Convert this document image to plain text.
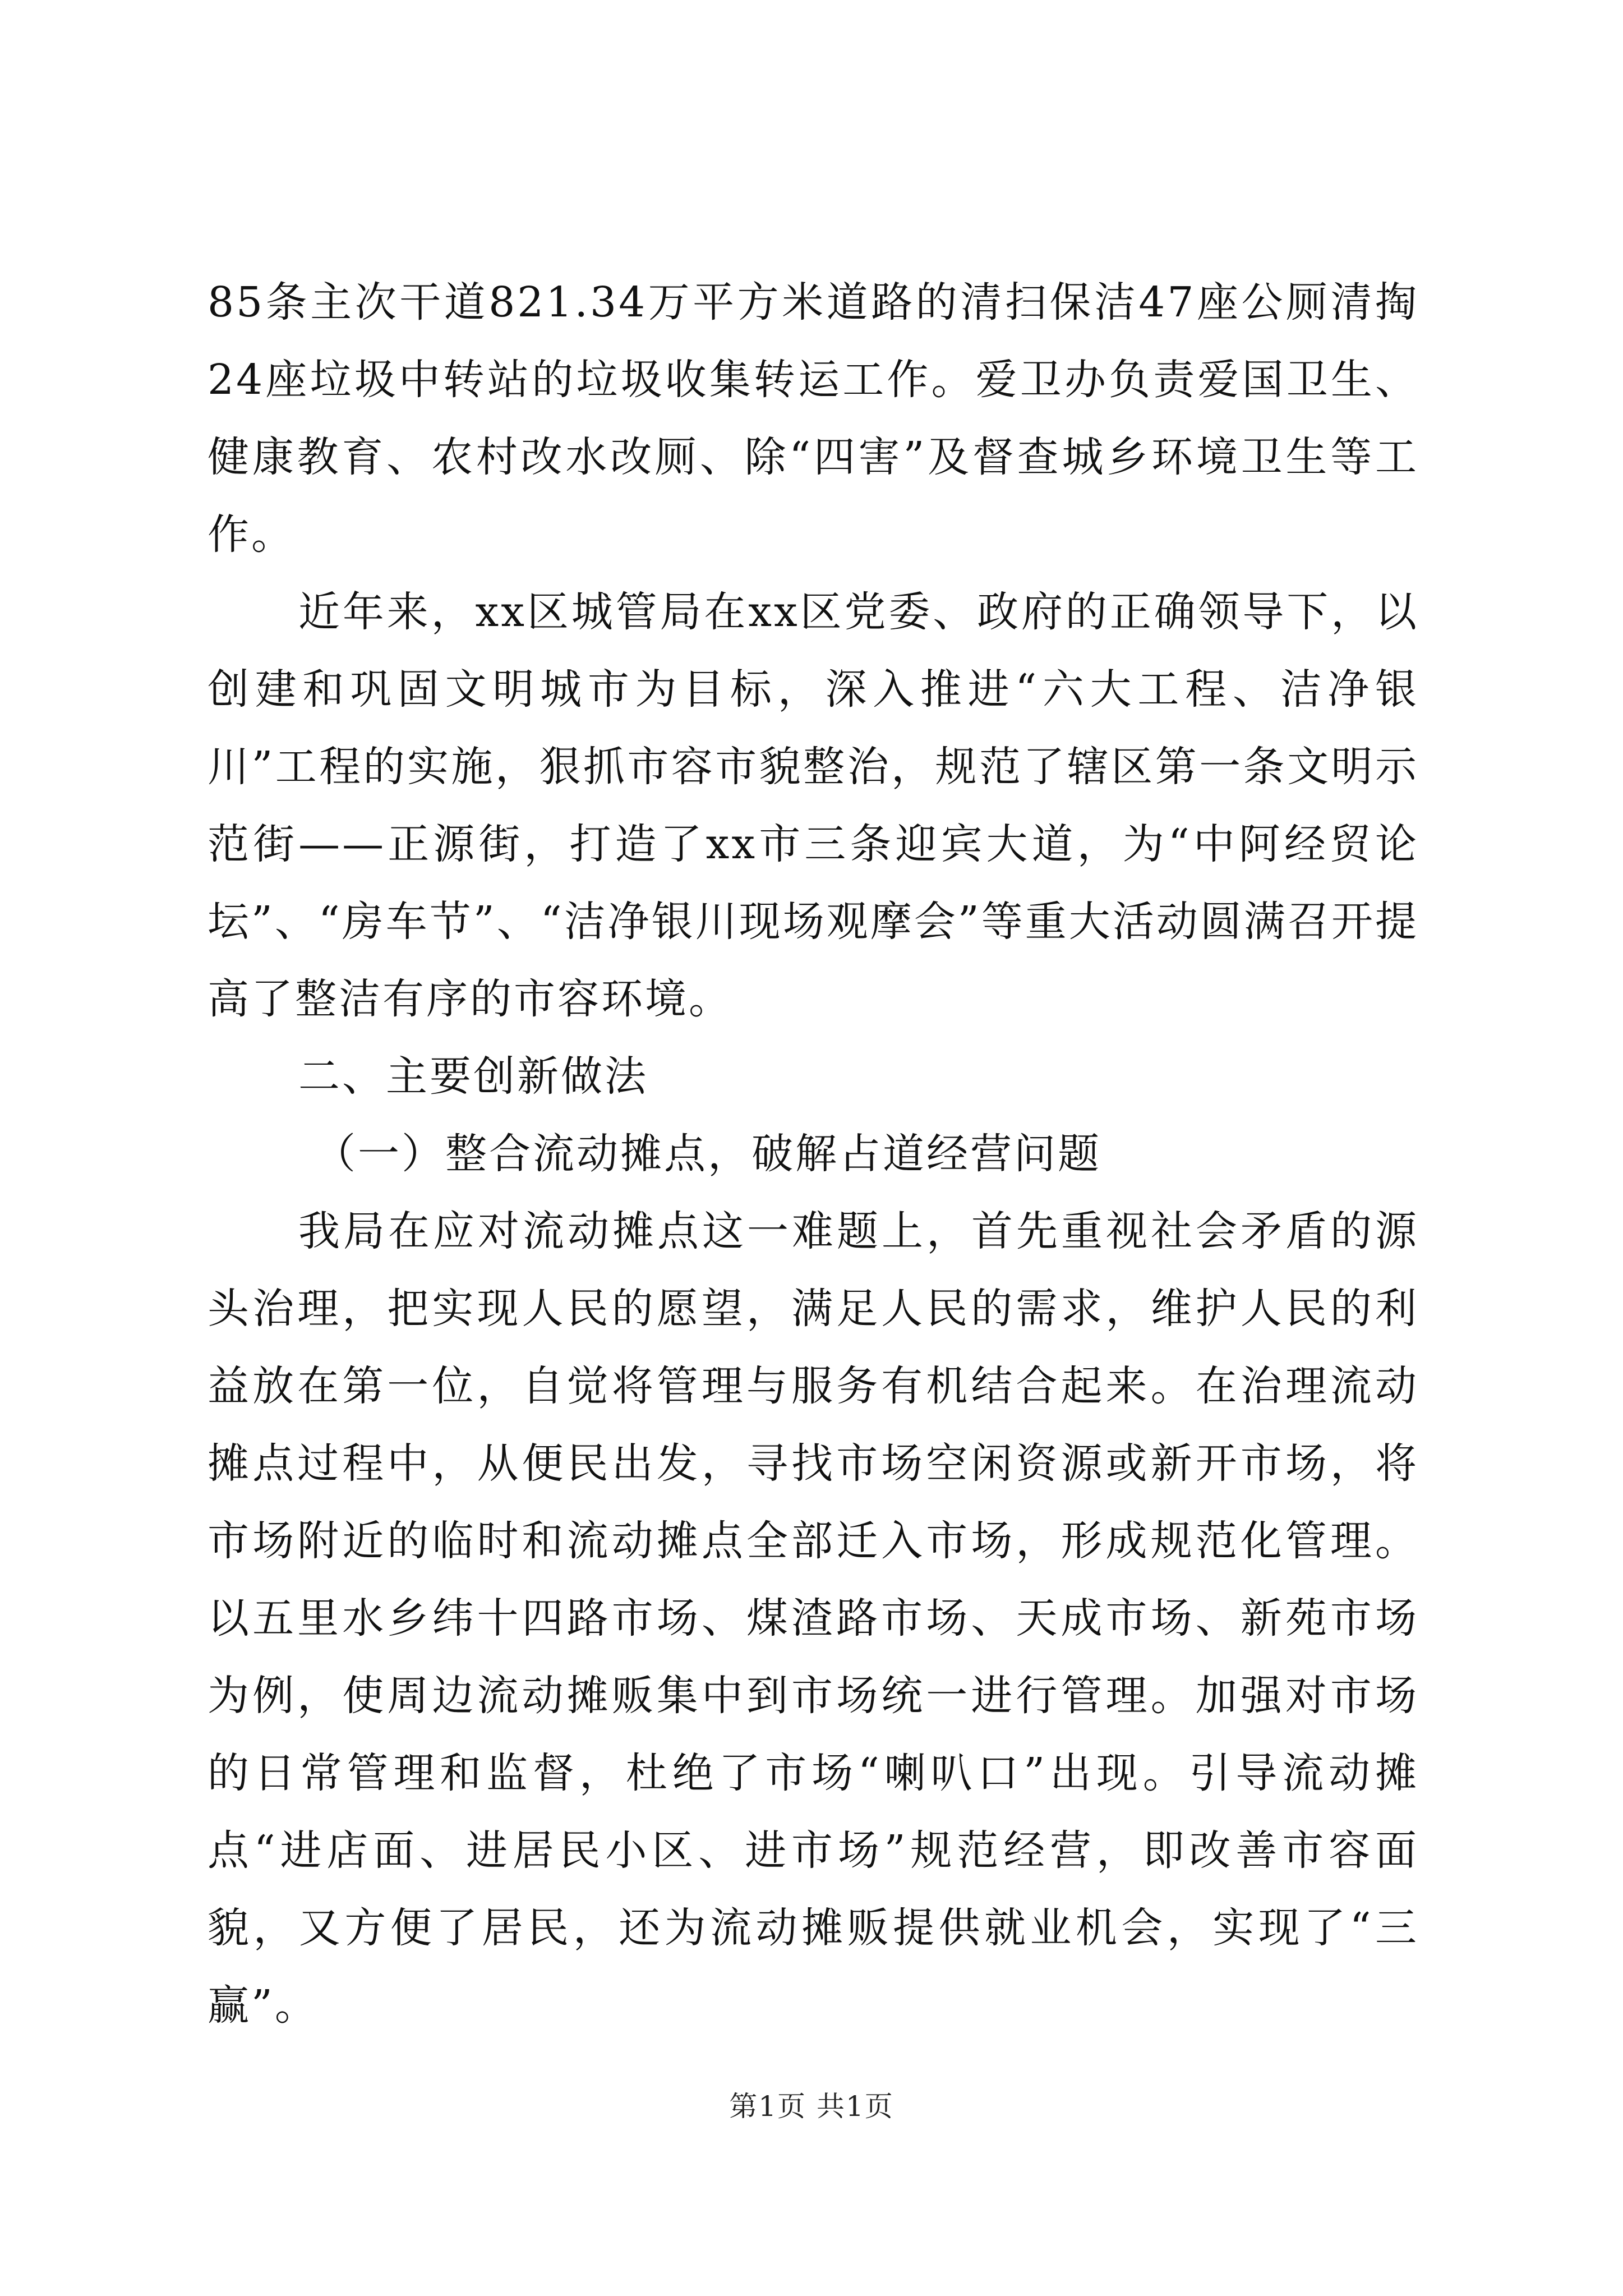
85条主次干道821.34万平方米道路的清扫保洁47座公厕清掏24座垃圾中转站的垃圾收集转运工作。爱卫办负责爱国卫生、健康教育、农村改水改厕、除“四害”及督查城乡环境卫生等工作。

近年来，xx区城管局在xx区党委、政府的正确领导下，以创建和巩固文明城市为目标，深入推进“六大工程、洁净银川”工程的实施，狠抓市容市貌整治，规范了辖区第一条文明示范街——正源街，打造了xx市三条迎宾大道，为“中阿经贸论坛”、“房车节”、“洁净银川现场观摩会”等重大活动圆满召开提高了整洁有序的市容环境。

二、主要创新做法

（一）整合流动摊点，破解占道经营问题

我局在应对流动摊点这一难题上，首先重视社会矛盾的源头治理，把实现人民的愿望，满足人民的需求，维护人民的利益放在第一位，自觉将管理与服务有机结合起来。在治理流动摊点过程中，从便民出发，寻找市场空闲资源或新开市场，将市场附近的临时和流动摊点全部迁入市场，形成规范化管理。以五里水乡纬十四路市场、煤渣路市场、天成市场、新苑市场为例，使周边流动摊贩集中到市场统一进行管理。加强对市场的日常管理和监督，杜绝了市场“喇叭口”出现。引导流动摊点“进店面、进居民小区、进市场”规范经营，即改善市容面貌，又方便了居民，还为流动摊贩提供就业机会，实现了“三赢”。

第1页 共1页
